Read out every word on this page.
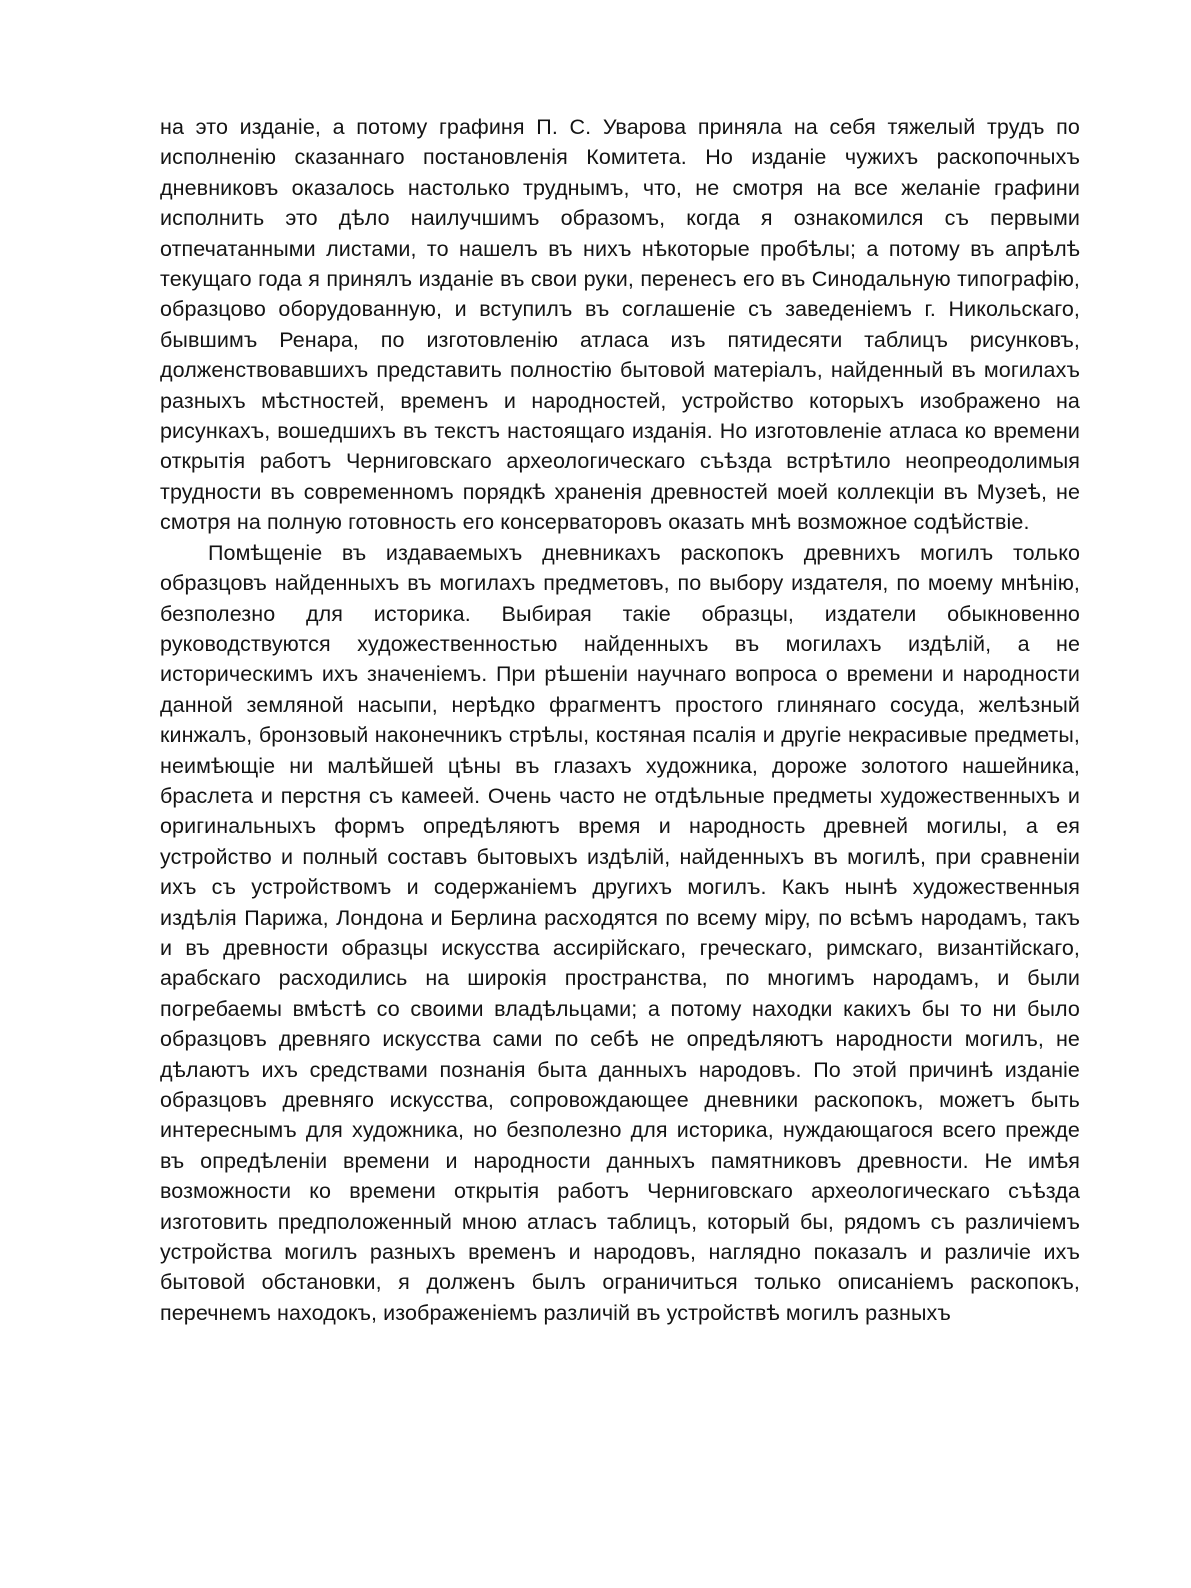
на это изданіе, а потому графиня П. С. Уварова приняла на себя тяжелый трудъ по исполненію сказаннаго постановленія Комитета. Но изданіе чужихъ раскопочныхъ дневниковъ оказалось настолько труднымъ, что, не смотря на все желаніе графини исполнить это дѣло наилучшимъ образомъ, когда я ознакомился съ первыми отпечатанными листами, то нашелъ въ нихъ нѣкоторые пробѣлы; а потому въ апрѣлѣ текущаго года я принялъ изданіе въ свои руки, перенесъ его въ Синодальную типографію, образцово оборудованную, и вступилъ въ соглашеніе съ заведеніемъ г. Никольскаго, бывшимъ Ренара, по изготовленію атласа изъ пятидесяти таблицъ рисунковъ, долженствовавшихъ представить полностію бытовой матеріалъ, найденный въ могилахъ разныхъ мѣстностей, временъ и народностей, устройство которыхъ изображено на рисункахъ, вошедшихъ въ текстъ настоящаго изданія. Но изготовленіе атласа ко времени открытія работъ Черниговскаго археологическаго съѣзда встрѣтило неопреодолимыя трудности въ современномъ порядкѣ храненія древностей моей коллекціи въ Музеѣ, не смотря на полную готовность его консерваторовъ оказать мнѣ возможное содѣйствіе.

Помѣщеніе въ издаваемыхъ дневникахъ раскопокъ древнихъ могилъ только образцовъ найденныхъ въ могилахъ предметовъ, по выбору издателя, по моему мнѣнію, безполезно для историка. Выбирая такіе образцы, издатели обыкновенно руководствуются художественностью найденныхъ въ могилахъ издѣлій, а не историческимъ ихъ значеніемъ. При рѣшеніи научнаго вопроса о времени и народности данной земляной насыпи, нерѣдко фрагментъ простого глинянаго сосуда, желѣзный кинжалъ, бронзовый наконечникъ стрѣлы, костяная псалія и другіе некрасивые предметы, неимѣющіе ни малѣйшей цѣны въ глазахъ художника, дороже золотого нашейника, браслета и перстня съ камеей. Очень часто не отдѣльные предметы художественныхъ и оригинальныхъ формъ опредѣляютъ время и народность древней могилы, а ея устройство и полный составъ бытовыхъ издѣлій, найденныхъ въ могилѣ, при сравненіи ихъ съ устройствомъ и содержаніемъ другихъ могилъ. Какъ нынѣ художественныя издѣлія Парижа, Лондона и Берлина расходятся по всему міру, по всѣмъ народамъ, такъ и въ древности образцы искусства ассирійскаго, греческаго, римскаго, византійскаго, арабскаго расходились на широкія пространства, по многимъ народамъ, и были погребаемы вмѣстѣ со своими владѣльцами; а потому находки какихъ бы то ни было образцовъ древняго искусства сами по себѣ не опредѣляютъ народности могилъ, не дѣлаютъ ихъ средствами познанія быта данныхъ народовъ. По этой причинѣ изданіе образцовъ древняго искусства, сопровождающее дневники раскопокъ, можетъ быть интереснымъ для художника, но безполезно для историка, нуждающагося всего прежде въ опредѣленіи времени и народности данныхъ памятниковъ древности. Не имѣя возможности ко времени открытія работъ Черниговскаго археологическаго съѣзда изготовить предположенный мною атласъ таблицъ, который бы, рядомъ съ различіемъ устройства могилъ разныхъ временъ и народовъ, наглядно показалъ и различіе ихъ бытовой обстановки, я долженъ былъ ограничиться только описаніемъ раскопокъ, перечнемъ находокъ, изображеніемъ различій въ устройствѣ могилъ разныхъ
